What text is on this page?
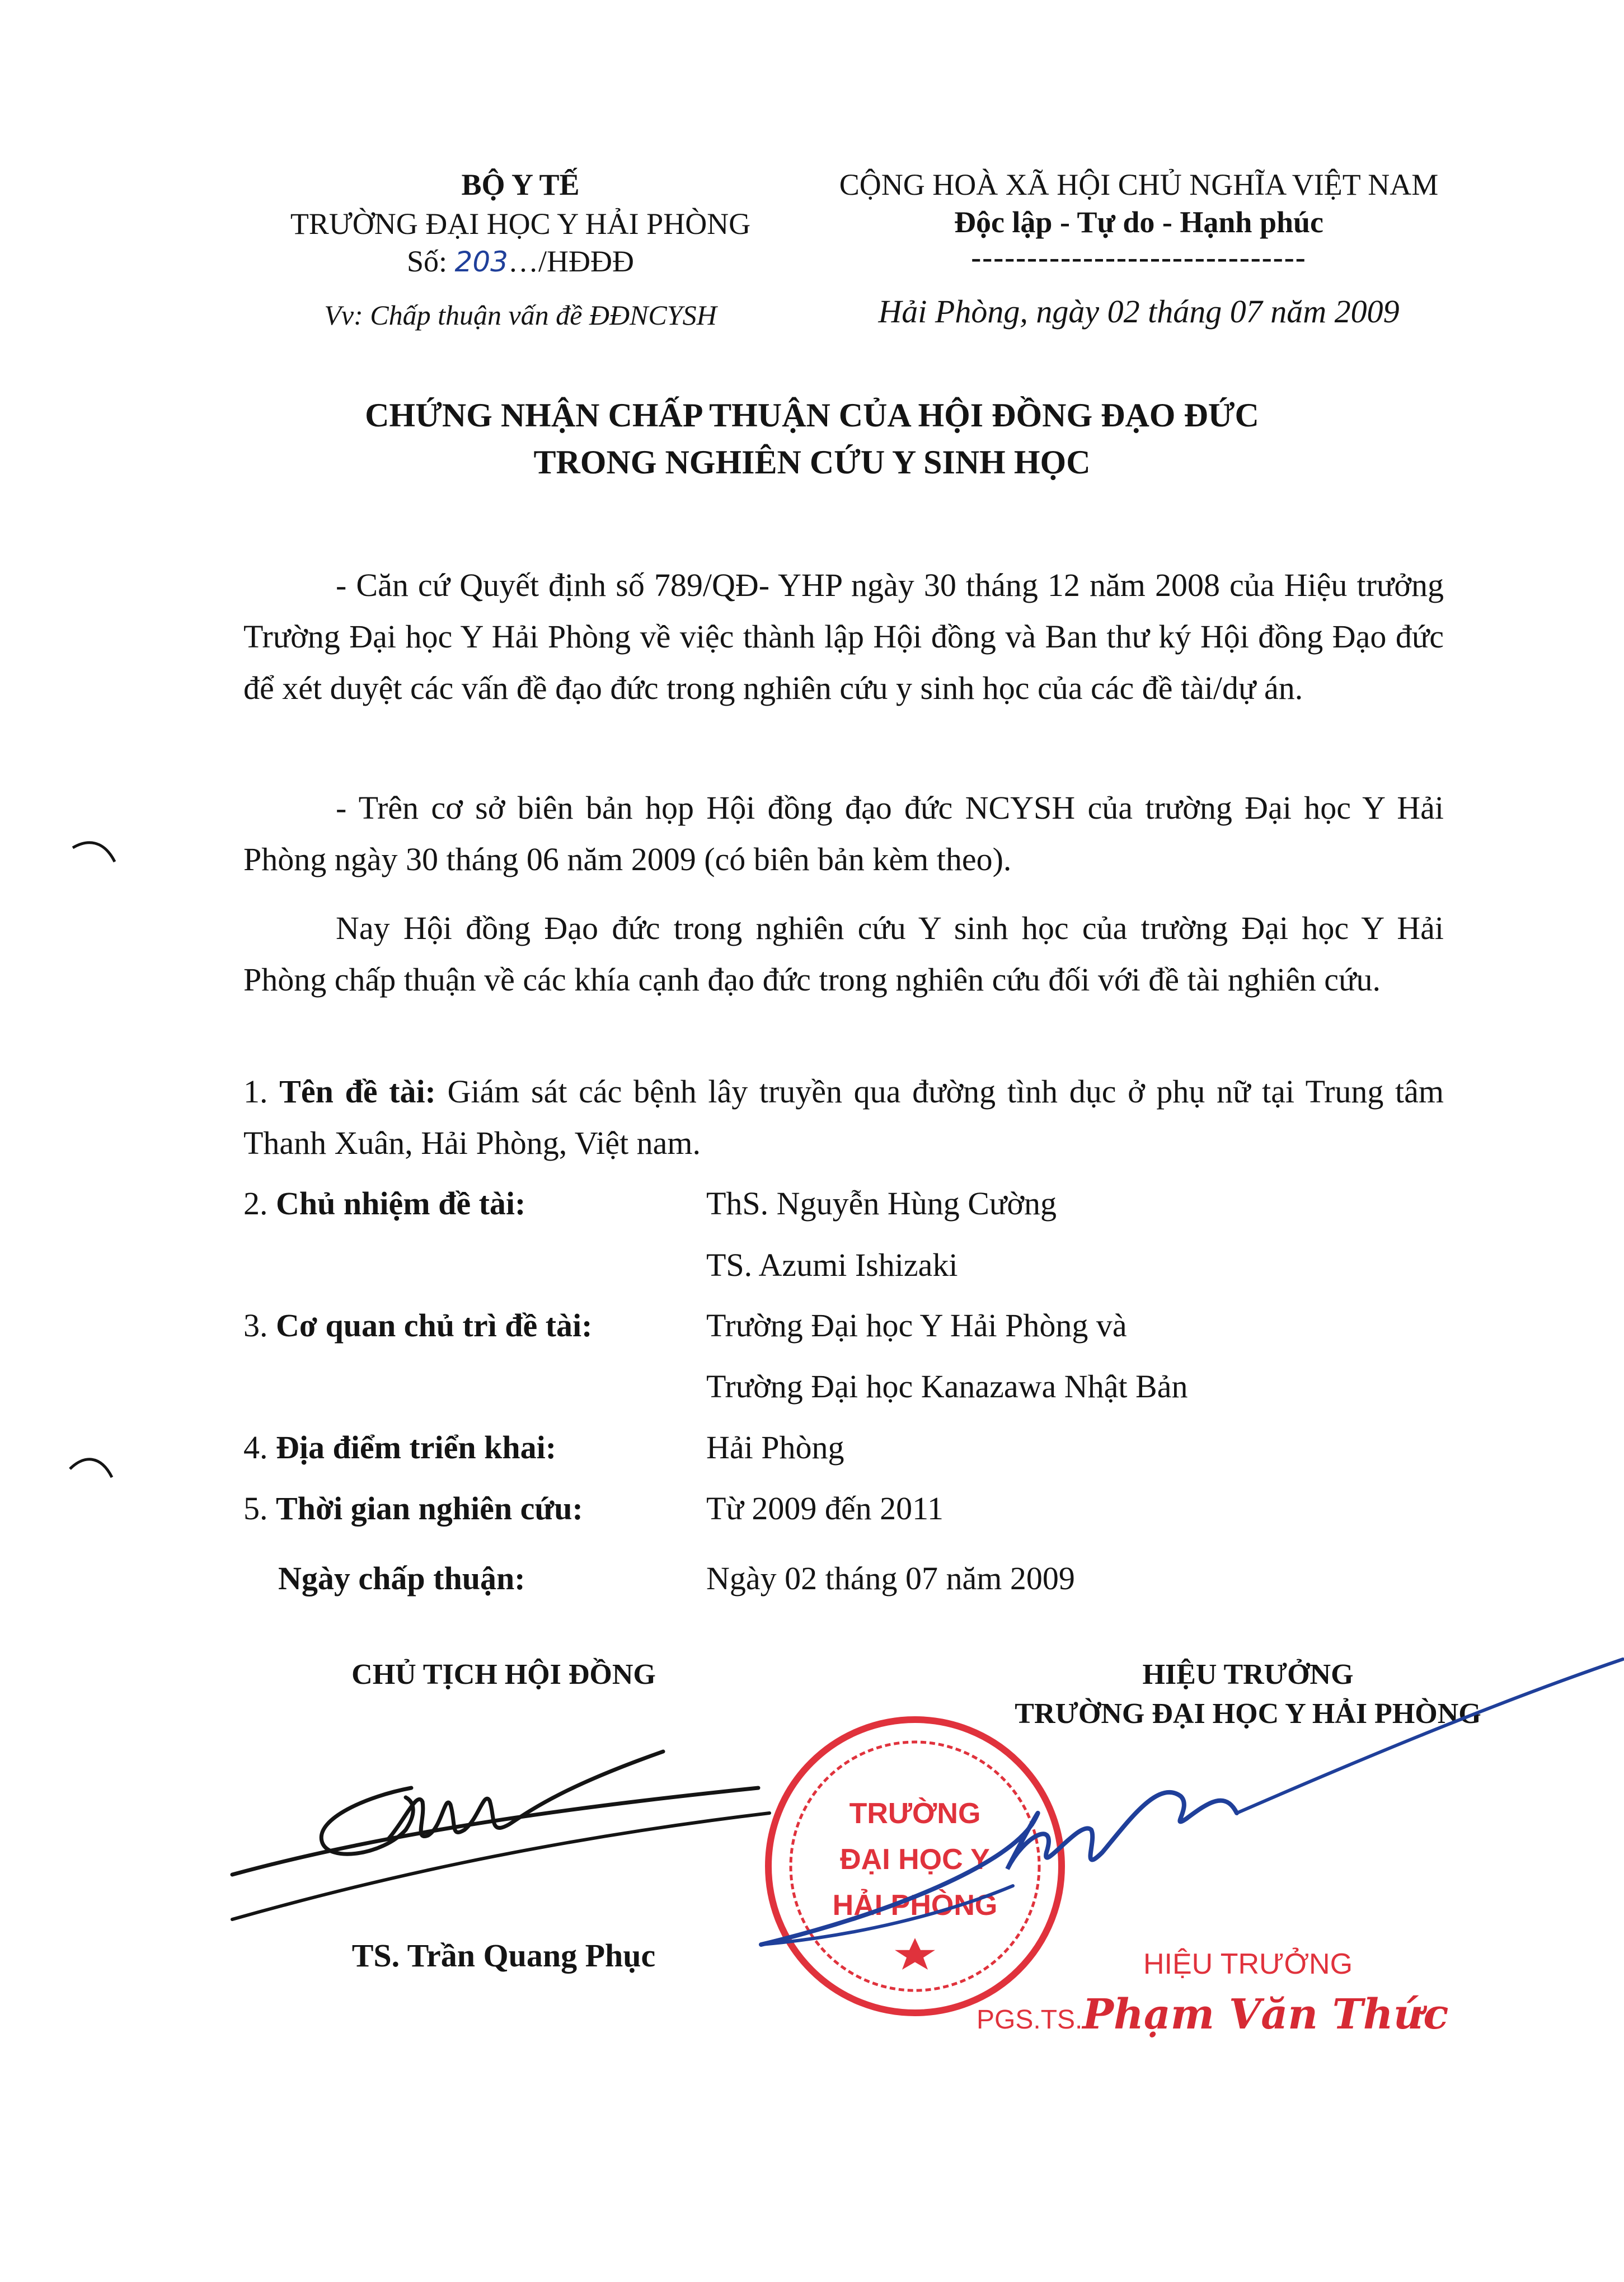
BỘ Y TẾ
TRƯỜNG ĐẠI HỌC Y HẢI PHÒNG
Số: 203…/HĐĐĐ
Vv: Chấp thuận vấn đề ĐĐNCYSH
CỘNG HOÀ XÃ HỘI CHỦ NGHĨA VIỆT NAM
Độc lập - Tự do - Hạnh phúc
------------------------------
Hải Phòng, ngày 02 tháng 07 năm 2009
CHỨNG NHẬN CHẤP THUẬN CỦA HỘI ĐỒNG ĐẠO ĐỨC
TRONG NGHIÊN CỨU Y SINH HỌC
- Căn cứ Quyết định số 789/QĐ- YHP ngày 30 tháng 12 năm 2008 của Hiệu trưởng Trường Đại học Y Hải Phòng về việc thành lập Hội đồng và Ban thư ký Hội đồng Đạo đức để xét duyệt các vấn đề đạo đức trong nghiên cứu y sinh học của các đề tài/dự án.
- Trên cơ sở biên bản họp Hội đồng đạo đức NCYSH của trường Đại học Y Hải Phòng ngày 30 tháng 06 năm 2009 (có biên bản kèm theo).
Nay Hội đồng Đạo đức trong nghiên cứu Y sinh học của trường Đại học Y Hải Phòng chấp thuận về các khía cạnh đạo đức trong nghiên cứu đối với đề tài nghiên cứu.
1. Tên đề tài: Giám sát các bệnh lây truyền qua đường tình dục ở phụ nữ tại Trung tâm Thanh Xuân, Hải Phòng, Việt nam.
2. Chủ nhiệm đề tài:	ThS. Nguyễn Hùng Cường
TS. Azumi Ishizaki
3. Cơ quan chủ trì đề tài:	Trường Đại học Y Hải Phòng và
Trường Đại học Kanazawa Nhật Bản
4. Địa điểm triển khai:	Hải Phòng
5. Thời gian nghiên cứu:	Từ 2009 đến 2011
Ngày chấp thuận:	Ngày 02 tháng 07 năm 2009
CHỦ TỊCH HỘI ĐỒNG	HIỆU TRƯỞNG
TRƯỜNG ĐẠI HỌC Y HẢI PHÒNG
TS. Trần Quang Phục
TRƯỜNG
ĐẠI HỌC Y
HẢI PHÒNG
HIỆU TRƯỞNG
PGS.TS.Phạm Văn Thức
